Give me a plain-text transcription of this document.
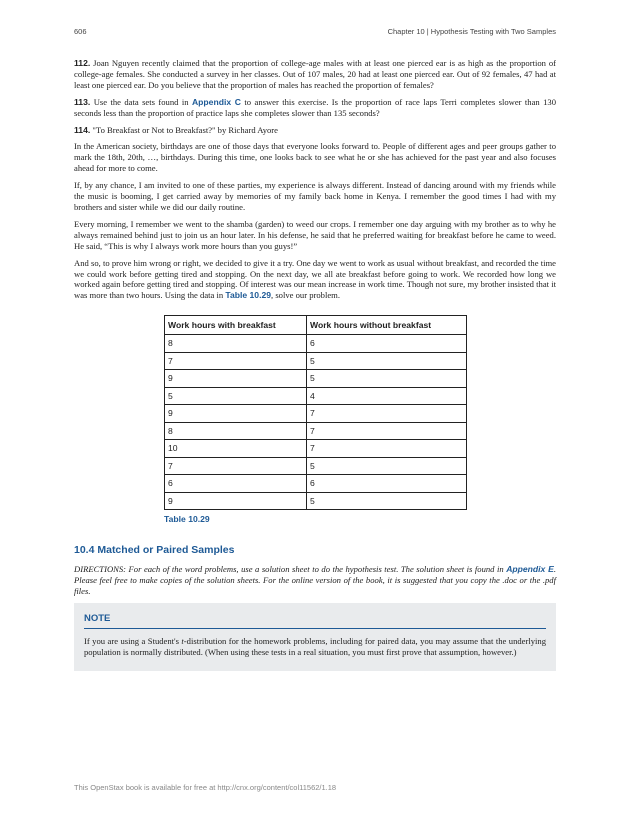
606	Chapter 10 | Hypothesis Testing with Two Samples

112. Joan Nguyen recently claimed that the proportion of college-age males with at least one pierced ear is as high as the proportion of college-age females. She conducted a survey in her classes. Out of 107 males, 20 had at least one pierced ear. Out of 92 females, 47 had at least one pierced ear. Do you believe that the proportion of males has reached the proportion of females?

113. Use the data sets found in Appendix C to answer this exercise. Is the proportion of race laps Terri completes slower than 130 seconds less than the proportion of practice laps she completes slower than 135 seconds?

114. "To Breakfast or Not to Breakfast?" by Richard Ayore

In the American society, birthdays are one of those days that everyone looks forward to. People of different ages and peer groups gather to mark the 18th, 20th, …, birthdays. During this time, one looks back to see what he or she has achieved for the past year and also focuses ahead for more to come.

If, by any chance, I am invited to one of these parties, my experience is always different. Instead of dancing around with my friends while the music is booming, I get carried away by memories of my family back home in Kenya. I remember the good times I had with my brothers and sister while we did our daily routine.

Every morning, I remember we went to the shamba (garden) to weed our crops. I remember one day arguing with my brother as to why he always remained behind just to join us an hour later. In his defense, he said that he preferred waiting for breakfast before he came to weed. He said, “This is why I always work more hours than you guys!”

And so, to prove him wrong or right, we decided to give it a try. One day we went to work as usual without breakfast, and recorded the time we could work before getting tired and stopping. On the next day, we all ate breakfast before going to work. We recorded how long we worked again before getting tired and stopping. Of interest was our mean increase in work time. Though not sure, my brother insisted that it was more than two hours. Using the data in Table 10.29, solve our problem.

Work hours with breakfast	Work hours without breakfast
8	6
7	5
9	5
5	4
9	7
8	7
10	7
7	5
6	6
9	5
Table 10.29
10.4 Matched or Paired Samples

DIRECTIONS: For each of the word problems, use a solution sheet to do the hypothesis test. The solution sheet is found in Appendix E. Please feel free to make copies of the solution sheets. For the online version of the book, it is suggested that you copy the .doc or the .pdf files.

NOTE

If you are using a Student's t-distribution for the homework problems, including for paired data, you may assume that the underlying population is normally distributed. (When using these tests in a real situation, you must first prove that assumption, however.)

This OpenStax book is available for free at http://cnx.org/content/col11562/1.18
